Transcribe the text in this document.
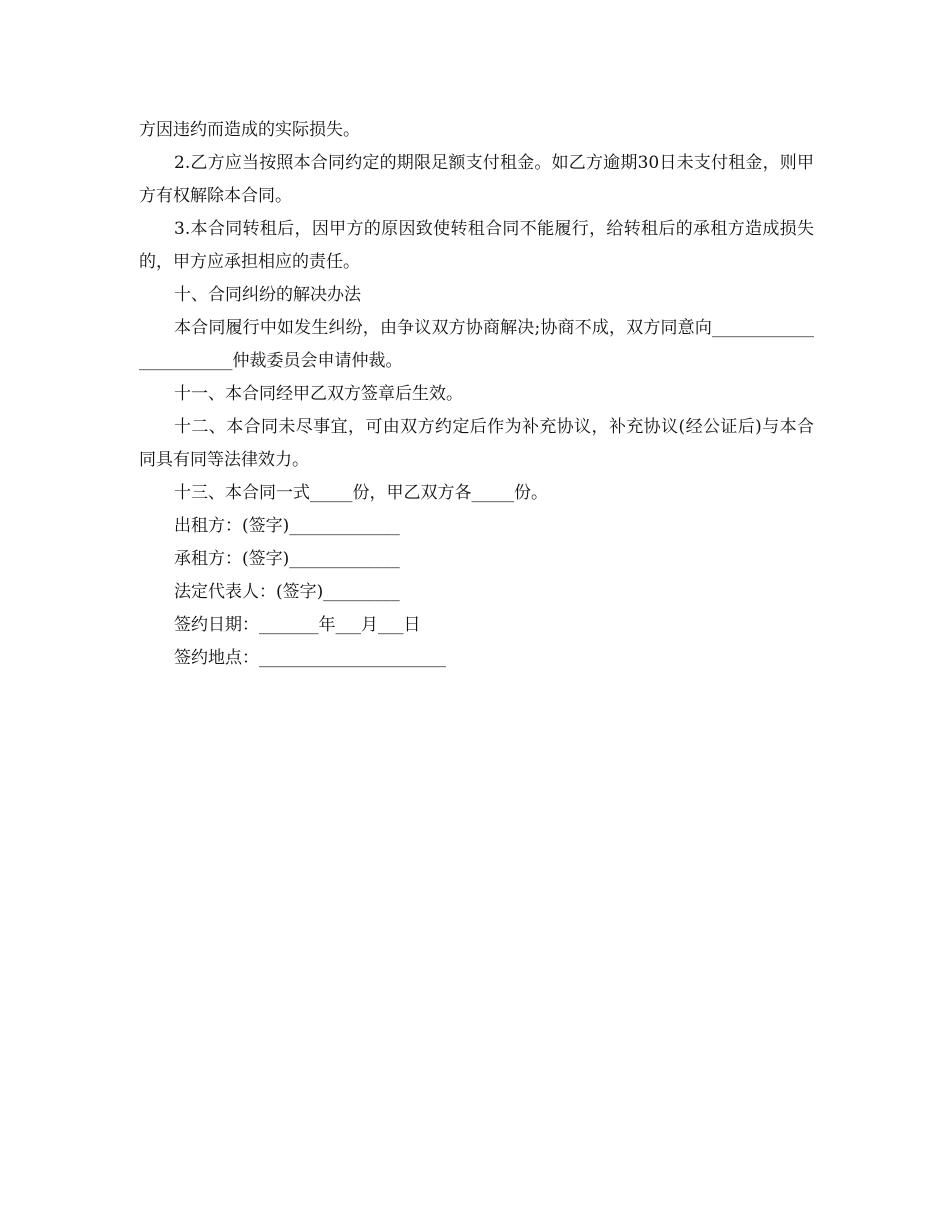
方因违约而造成的实际损失。

2.乙方应当按照本合同约定的期限足额支付租金。如乙方逾期30日未支付租金，则甲方有权解除本合同。

3.本合同转租后，因甲方的原因致使转租合同不能履行，给转租后的承租方造成损失的，甲方应承担相应的责任。

十、合同纠纷的解决办法

本合同履行中如发生纠纷，由争议双方协商解决;协商不成，双方同意向_______________________仲裁委员会申请仲裁。

十一、本合同经甲乙双方签章后生效。

十二、本合同未尽事宜，可由双方约定后作为补充协议，补充协议(经公证后)与本合同具有同等法律效力。

十三、本合同一式_____份，甲乙双方各_____份。

出租方：(签字)_____________

承租方：(签字)_____________

法定代表人：(签字)_________

签约日期：_______年___月___日

签约地点：______________________
